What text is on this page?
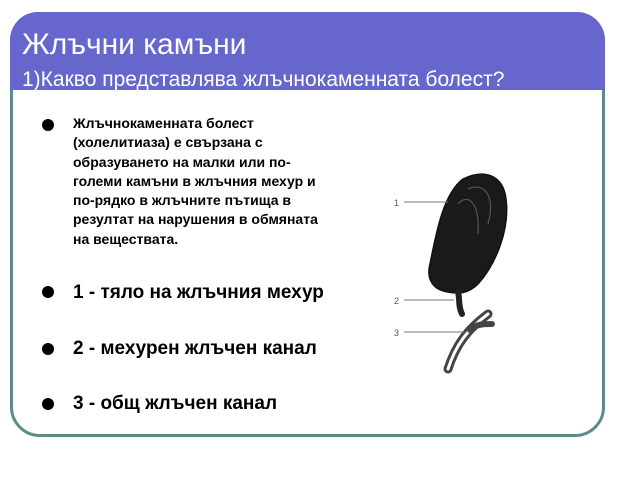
Жлъчни камъни
1)Какво представлява жлъчнокаменната болест?
Жлъчнокаменната болест (холелитиаза) е свързана с образуването на малки или по-големи камъни в жлъчния мехур и по-рядко в жлъчните пътища в резултат на нарушения в обмяната на веществата.
1 - тяло на жлъчния мехур
2 - мехурен жлъчен канал
3 - общ жлъчен канал
1
2
3
